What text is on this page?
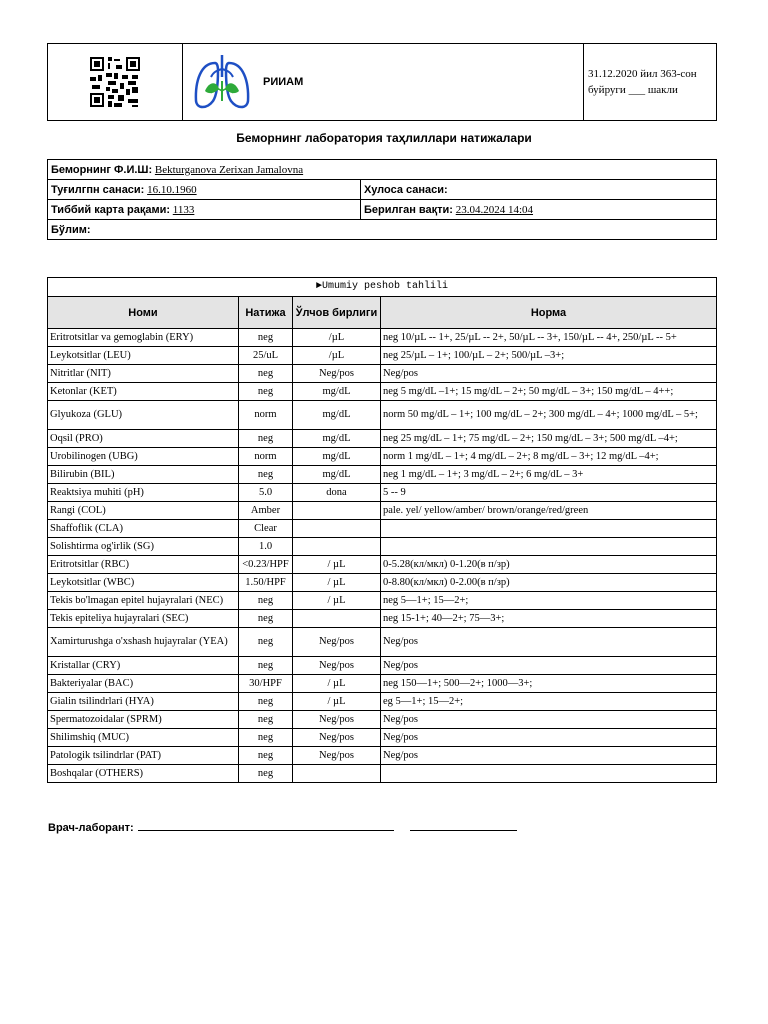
РИИАМ
31.12.2020 йил 363-сон
буйруги ___ шакли
Беморнинг лаборатория таҳлиллари натижалари
Беморнинг Ф.И.Ш: Bekturganova Zerixan Jamalovna	
Туғилгпн санаси: 16.10.1960	Хулоса санаси:
Тиббий карта рақами: 1133	Берилган вақти: 23.04.2024 14:04
Бўлим:	
►Umumiy peshob tahlili			
Номи	Натижа	Ўлчов бирлиги	Норма
Eritrotsitlar va gemoglabin (ERY)	neg	/µL	neg 10/µL -- 1+, 25/µL -- 2+, 50/µL -- 3+, 150/µL -- 4+, 250/µL -- 5+
Leykotsitlar (LEU)	25/uL	/µL	neg 25/µL – 1+; 100/µL – 2+; 500/µL –3+;
Nitritlar (NIT)	neg	Neg/pos	Neg/pos
Ketonlar (KET)	neg	mg/dL	neg 5 mg/dL –1+; 15 mg/dL – 2+; 50 mg/dL – 3+; 150 mg/dL – 4++;
Glyukoza (GLU)	norm	mg/dL	norm 50 mg/dL – 1+; 100 mg/dL – 2+; 300 mg/dL – 4+; 1000 mg/dL – 5+;
Oqsil (PRO)	neg	mg/dL	neg 25 mg/dL – 1+; 75 mg/dL – 2+; 150 mg/dL – 3+; 500 mg/dL –4+;
Urobilinogen (UBG)	norm	mg/dL	norm 1 mg/dL – 1+; 4 mg/dL – 2+; 8 mg/dL – 3+; 12 mg/dL –4+;
Bilirubin (BIL)	neg	mg/dL	neg 1 mg/dL – 1+; 3 mg/dL – 2+; 6 mg/dL – 3+
Reaktsiya muhiti (pH)	5.0	dona	5 -- 9
Rangi (COL)	Amber		pale. yel/ yellow/amber/ brown/orange/red/green
Shaffoflik (CLA)	Clear		
Solishtirma og'irlik (SG)	1.0		
Eritrotsitlar (RBC)	<0.23/HPF	/ µL	0-5.28(кл/мкл) 0-1.20(в п/зр)
Leykotsitlar (WBC)	1.50/HPF	/ µL	0-8.80(кл/мкл) 0-2.00(в п/зр)
Tekis bo'lmagan epitel hujayralari (NEC)	neg	/ µL	neg 5—1+; 15—2+;
Tekis epiteliya hujayralari (SEC)	neg		neg 15-1+; 40—2+; 75—3+;
Xamirturushga o'xshash hujayralar (YEA)	neg	Neg/pos	Neg/pos
Kristallar (CRY)	neg	Neg/pos	Neg/pos
Bakteriyalar (BAC)	30/HPF	/ µL	neg 150—1+; 500—2+; 1000—3+;
Gialin tsilindrlari (HYA)	neg	/ µL	eg 5—1+; 15—2+;
Spermatozoidalar (SPRM)	neg	Neg/pos	Neg/pos
Shilimshiq (MUC)	neg	Neg/pos	Neg/pos
Patologik tsilindrlar (PAT)	neg	Neg/pos	Neg/pos
Boshqalar (OTHERS)	neg		
Врач-лаборант:
